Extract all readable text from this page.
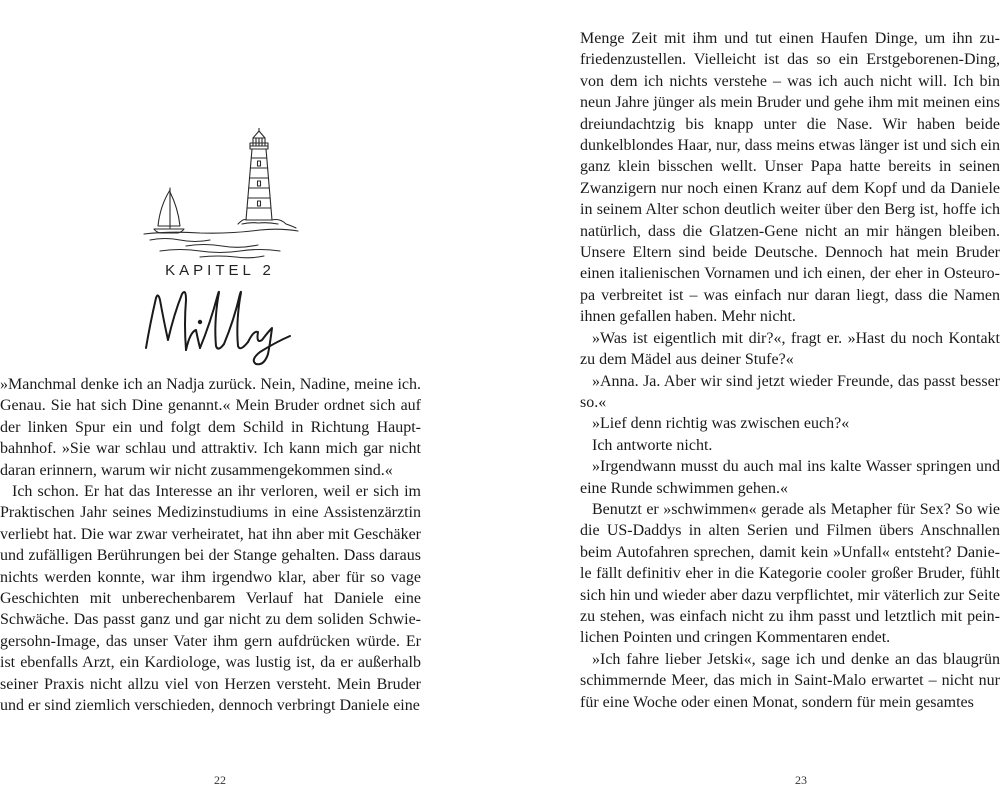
KAPITEL 2

»Manchmal denke ich an Nadja zurück. Nein, Nadine, meine ich. Genau. Sie hat sich Dine genannt.« Mein Bruder ordnet sich auf der linken Spur ein und folgt dem Schild in Richtung Hauptbahnhof. »Sie war schlau und attraktiv. Ich kann mich gar nicht daran erinnern, warum wir nicht zusammengekommen sind.«

Ich schon. Er hat das Interesse an ihr verloren, weil er sich im Praktischen Jahr seines Medizinstudiums in eine Assistenzärztin verliebt hat. Die war zwar verheiratet, hat ihn aber mit Geschäker und zufälligen Berührungen bei der Stange gehalten. Dass daraus nichts werden konnte, war ihm irgendwo klar, aber für so vage Geschichten mit unberechenbarem Verlauf hat Daniele eine Schwäche. Das passt ganz und gar nicht zu dem soliden Schwiegersohn-Image, das unser Vater ihm gern aufdrücken würde. Er ist ebenfalls Arzt, ein Kardiologe, was lustig ist, da er außerhalb seiner Praxis nicht allzu viel von Herzen versteht. Mein Bruder und er sind ziemlich verschieden, dennoch verbringt Daniele eine

22

Menge Zeit mit ihm und tut einen Haufen Dinge, um ihn zufriedenzustellen. Vielleicht ist das so ein Erstgeborenen-Ding, von dem ich nichts verstehe – was ich auch nicht will. Ich bin neun Jahre jünger als mein Bruder und gehe ihm mit meinen eins dreiundachtzig bis knapp unter die Nase. Wir haben beide dunkelblondes Haar, nur, dass meins etwas länger ist und sich ein ganz klein bisschen wellt. Unser Papa hatte bereits in seinen Zwanzigern nur noch einen Kranz auf dem Kopf und da Daniele in seinem Alter schon deutlich weiter über den Berg ist, hoffe ich natürlich, dass die Glatzen-Gene nicht an mir hängen bleiben. Unsere Eltern sind beide Deutsche. Dennoch hat mein Bruder einen italienischen Vornamen und ich einen, der eher in Osteuropa verbreitet ist – was einfach nur daran liegt, dass die Namen ihnen gefallen haben. Mehr nicht.

»Was ist eigentlich mit dir?«, fragt er. »Hast du noch Kontakt zu dem Mädel aus deiner Stufe?«

»Anna. Ja. Aber wir sind jetzt wieder Freunde, das passt besser so.«

»Lief denn richtig was zwischen euch?«

Ich antworte nicht.

»Irgendwann musst du auch mal ins kalte Wasser springen und eine Runde schwimmen gehen.«

Benutzt er »schwimmen« gerade als Metapher für Sex? So wie die US-Daddys in alten Serien und Filmen übers Anschnallen beim Autofahren sprechen, damit kein »Unfall« entsteht? Daniele fällt definitiv eher in die Kategorie cooler großer Bruder, fühlt sich hin und wieder aber dazu verpflichtet, mir väterlich zur Seite zu stehen, was einfach nicht zu ihm passt und letztlich mit peinlichen Pointen und cringen Kommentaren endet.

»Ich fahre lieber Jetski«, sage ich und denke an das blaugrün schimmernde Meer, das mich in Saint-Malo erwartet – nicht nur für eine Woche oder einen Monat, sondern für mein gesamtes

23
